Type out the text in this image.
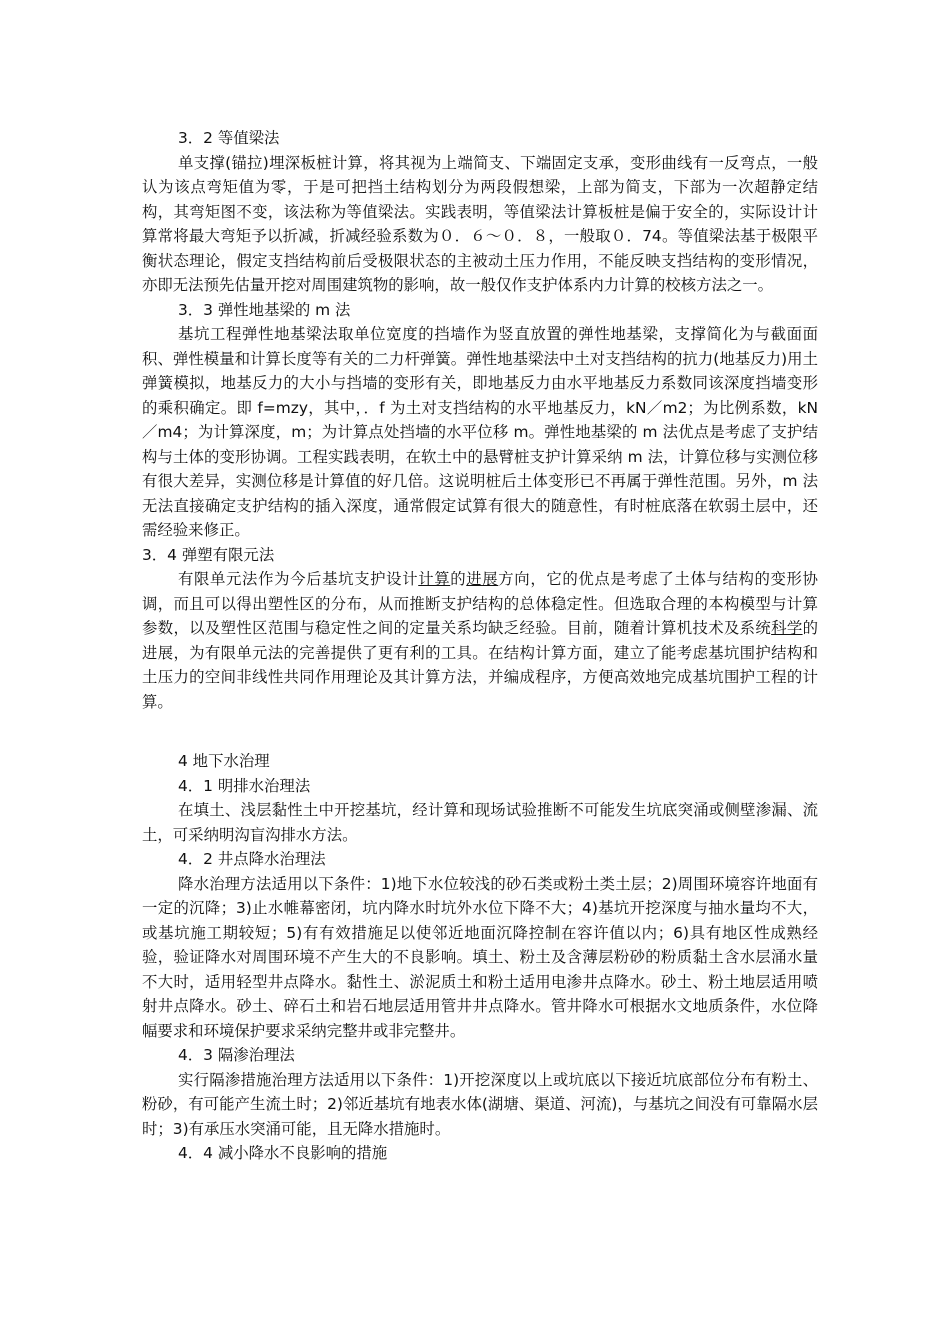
3．2 等值梁法

单支撑(锚拉)埋深板桩计算，将其视为上端简支、下端固定支承，变形曲线有一反弯点，一般认为该点弯矩值为零，于是可把挡土结构划分为两段假想梁，上部为简支，下部为一次超静定结构，其弯矩图不变，该法称为等值梁法。实践表明，等值梁法计算板桩是偏于安全的，实际设计计算常将最大弯矩予以折减，折减经验系数为０．６～０．８，一般取０．74。等值梁法基于极限平衡状态理论，假定支挡结构前后受极限状态的主被动土压力作用，不能反映支挡结构的变形情况，亦即无法预先估量开挖对周围建筑物的影响，故一般仅作支护体系内力计算的校核方法之一。

3．3 弹性地基梁的 m 法

基坑工程弹性地基梁法取单位宽度的挡墙作为竖直放置的弹性地基梁，支撑简化为与截面面积、弹性模量和计算长度等有关的二力杆弹簧。弹性地基梁法中土对支挡结构的抗力(地基反力)用土弹簧模拟，地基反力的大小与挡墙的变形有关，即地基反力由水平地基反力系数同该深度挡墙变形的乘积确定。即 f=mzy，其中，．f 为土对支挡结构的水平地基反力，kN／m2；为比例系数，kN／m4；为计算深度，m；为计算点处挡墙的水平位移 m。弹性地基梁的 m 法优点是考虑了支护结构与土体的变形协调。工程实践表明，在软土中的悬臂桩支护计算采纳 m 法，计算位移与实测位移有很大差异，实测位移是计算值的好几倍。这说明桩后土体变形已不再属于弹性范围。另外，m 法无法直接确定支护结构的插入深度，通常假定试算有很大的随意性，有时桩底落在软弱土层中，还需经验来修正。

3．4 弹塑有限元法

有限单元法作为今后基坑支护设计计算的进展方向，它的优点是考虑了土体与结构的变形协调，而且可以得出塑性区的分布，从而推断支护结构的总体稳定性。但选取合理的本构模型与计算参数，以及塑性区范围与稳定性之间的定量关系均缺乏经验。目前，随着计算机技术及系统科学的进展，为有限单元法的完善提供了更有利的工具。在结构计算方面，建立了能考虑基坑围护结构和土压力的空间非线性共同作用理论及其计算方法，并编成程序，方便高效地完成基坑围护工程的计算。

4 地下水治理

4．1 明排水治理法

在填土、浅层黏性土中开挖基坑，经计算和现场试验推断不可能发生坑底突涌或侧壁渗漏、流土，可采纳明沟盲沟排水方法。

4．2 井点降水治理法

降水治理方法适用以下条件：1)地下水位较浅的砂石类或粉土类土层；2)周围环境容许地面有一定的沉降；3)止水帷幕密闭，坑内降水时坑外水位下降不大；4)基坑开挖深度与抽水量均不大，或基坑施工期较短；5)有有效措施足以使邻近地面沉降控制在容许值以内；6)具有地区性成熟经验，验证降水对周围环境不产生大的不良影响。填土、粉土及含薄层粉砂的粉质黏土含水层涌水量不大时，适用轻型井点降水。黏性土、淤泥质土和粉土适用电渗井点降水。砂土、粉土地层适用喷射井点降水。砂土、碎石土和岩石地层适用管井井点降水。管井降水可根据水文地质条件，水位降幅要求和环境保护要求采纳完整井或非完整井。

4．3 隔渗治理法

实行隔渗措施治理方法适用以下条件：1)开挖深度以上或坑底以下接近坑底部位分布有粉土、粉砂，有可能产生流土时；2)邻近基坑有地表水体(湖塘、渠道、河流)，与基坑之间没有可靠隔水层时；3)有承压水突涌可能，且无降水措施时。

4．4 减小降水不良影响的措施
